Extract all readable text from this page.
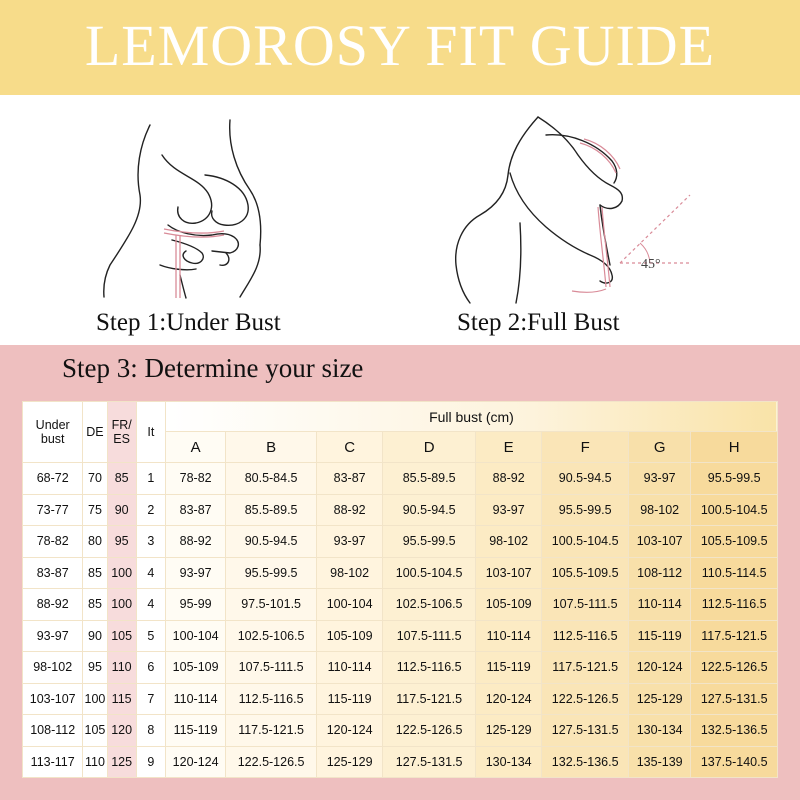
LEMOROSY FIT GUIDE
Step 1:Under Bust
45°
Step 2:Full Bust
Step 3: Determine your size
Under bust	DE	FR/ ES	It	Full bust (cm)							
				A	B	C	D	E	F	G	H
68-72	70	85	1	78-82	80.5-84.5	83-87	85.5-89.5	88-92	90.5-94.5	93-97	95.5-99.5
73-77	75	90	2	83-87	85.5-89.5	88-92	90.5-94.5	93-97	95.5-99.5	98-102	100.5-104.5
78-82	80	95	3	88-92	90.5-94.5	93-97	95.5-99.5	98-102	100.5-104.5	103-107	105.5-109.5
83-87	85	100	4	93-97	95.5-99.5	98-102	100.5-104.5	103-107	105.5-109.5	108-112	110.5-114.5
88-92	85	100	4	95-99	97.5-101.5	100-104	102.5-106.5	105-109	107.5-111.5	110-114	112.5-116.5
93-97	90	105	5	100-104	102.5-106.5	105-109	107.5-111.5	110-114	112.5-116.5	115-119	117.5-121.5
98-102	95	110	6	105-109	107.5-111.5	110-114	112.5-116.5	115-119	117.5-121.5	120-124	122.5-126.5
103-107	100	115	7	110-114	112.5-116.5	115-119	117.5-121.5	120-124	122.5-126.5	125-129	127.5-131.5
108-112	105	120	8	115-119	117.5-121.5	120-124	122.5-126.5	125-129	127.5-131.5	130-134	132.5-136.5
113-117	110	125	9	120-124	122.5-126.5	125-129	127.5-131.5	130-134	132.5-136.5	135-139	137.5-140.5
